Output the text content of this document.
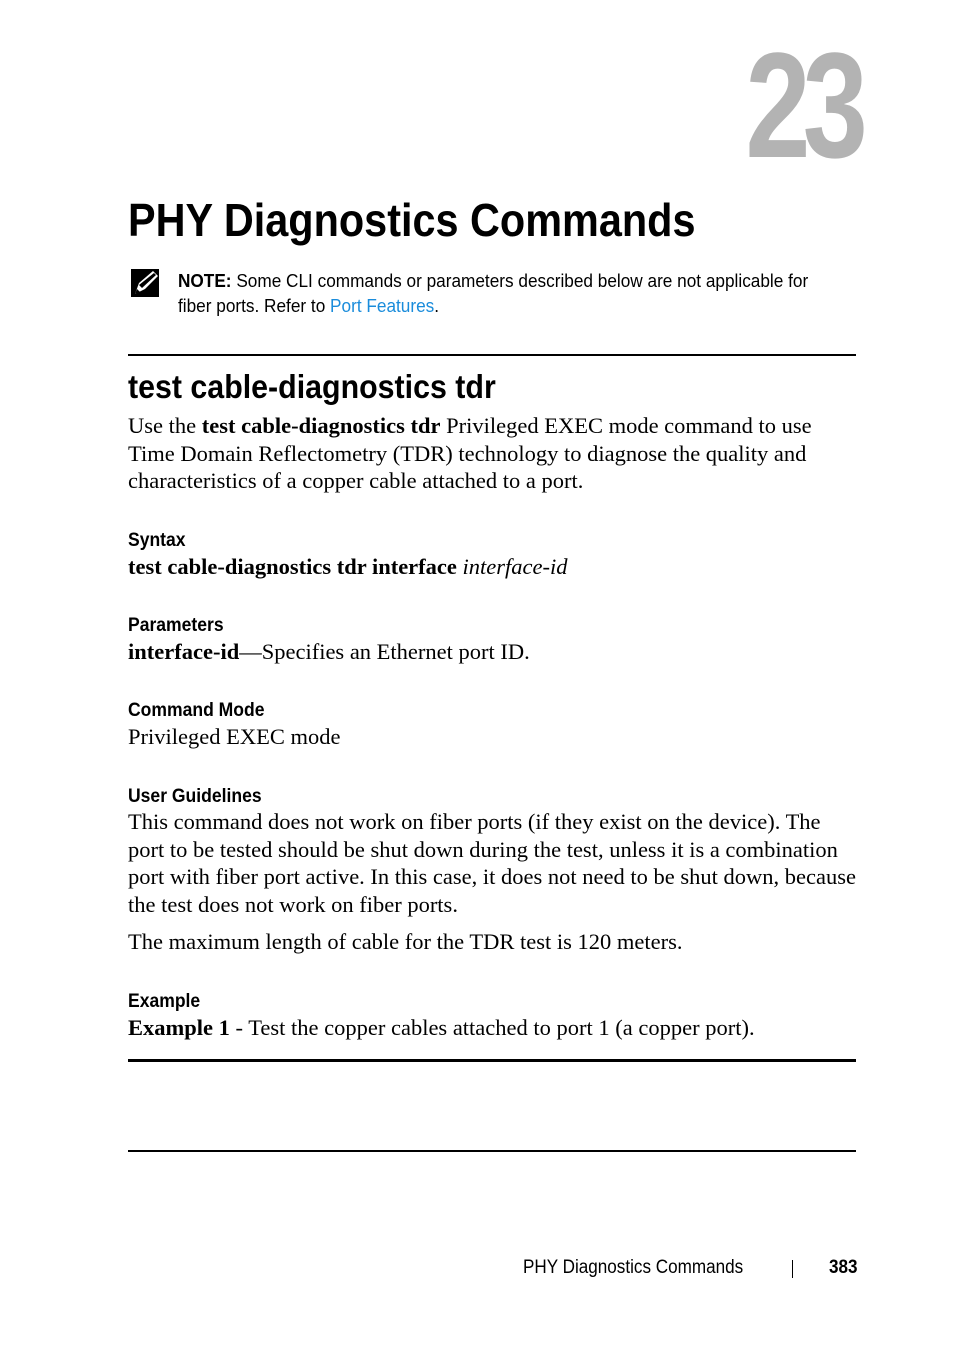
23
PHY Diagnostics Commands
NOTE: Some CLI commands or parameters described below are not applicable for fiber ports. Refer to Port Features.
test cable-diagnostics tdr
Use the test cable-diagnostics tdr Privileged EXEC mode command to use Time Domain Reflectometry (TDR) technology to diagnose the quality and characteristics of a copper cable attached to a port.
Syntax
test cable-diagnostics tdr interface interface-id
Parameters
interface-id—Specifies an Ethernet port ID.
Command Mode
Privileged EXEC mode
User Guidelines
This command does not work on fiber ports (if they exist on the device). The port to be tested should be shut down during the test, unless it is a combination port with fiber port active. In this case, it does not need to be shut down, because the test does not work on fiber ports.
The maximum length of cable for the TDR test is 120 meters.
Example
Example 1 - Test the copper cables attached to port 1 (a copper port).
PHY Diagnostics Commands	383
